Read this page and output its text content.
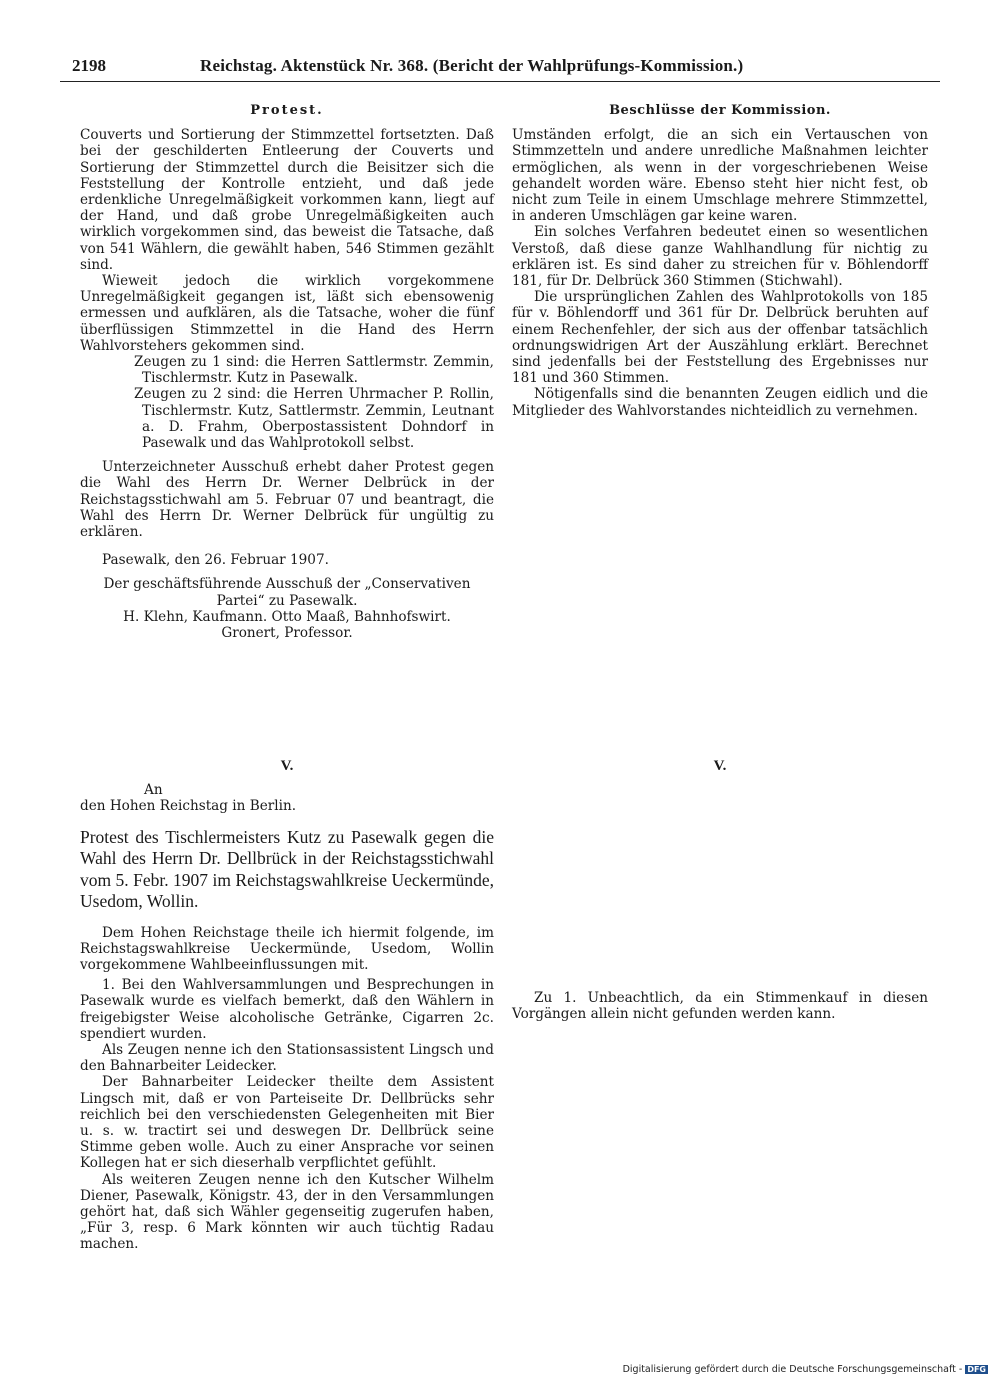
2198	Reichstag. Aktenstück Nr. 368. (Bericht der Wahlprüfungs-Kommission.)

Protest.

Couverts und Sortierung der Stimmzettel fortsetzten. Daß bei der geschilderten Entleerung der Couverts und Sortierung der Stimmzettel durch die Beisitzer sich die Feststellung der Kontrolle entzieht, und daß jede erdenkliche Unregelmäßigkeit vorkommen kann, liegt auf der Hand, und daß grobe Unregelmäßigkeiten auch wirklich vorgekommen sind, das beweist die Tatsache, daß von 541 Wählern, die gewählt haben, 546 Stimmen gezählt sind.

Wieweit jedoch die wirklich vorgekommene Unregelmäßigkeit gegangen ist, läßt sich ebensowenig ermessen und aufklären, als die Tatsache, woher die fünf überflüssigen Stimmzettel in die Hand des Herrn Wahlvorstehers gekommen sind.

Zeugen zu 1 sind: die Herren Sattlermstr. Zemmin, Tischlermstr. Kutz in Pasewalk.

Zeugen zu 2 sind: die Herren Uhrmacher P. Rollin, Tischlermstr. Kutz, Sattlermstr. Zemmin, Leutnant a. D. Frahm, Oberpostassistent Dohndorf in Pasewalk und das Wahlprotokoll selbst.

Unterzeichneter Ausschuß erhebt daher Protest gegen die Wahl des Herrn Dr. Werner Delbrück in der Reichstagsstichwahl am 5. Februar 07 und beantragt, die Wahl des Herrn Dr. Werner Delbrück für ungültig zu erklären.

Pasewalk, den 26. Februar 1907.

Der geschäftsführende Ausschuß der „Conservativen Partei“ zu Pasewalk.

H. Klehn, Kaufmann. Otto Maaß, Bahnhofswirt.

Gronert, Professor.

V.

An

den Hohen Reichstag in Berlin.

Protest des Tischlermeisters Kutz zu Pasewalk gegen die Wahl des Herrn Dr. Dellbrück in der Reichstagsstichwahl vom 5. Febr. 1907 im Reichstagswahlkreise Ueckermünde, Usedom, Wollin.

Dem Hohen Reichstage theile ich hiermit folgende, im Reichstagswahlkreise Ueckermünde, Usedom, Wollin vorgekommene Wahlbeeinflussungen mit.

1. Bei den Wahlversammlungen und Besprechungen in Pasewalk wurde es vielfach bemerkt, daß den Wählern in freigebigster Weise alcoholische Getränke, Cigarren 2c. spendiert wurden.

Als Zeugen nenne ich den Stationsassistent Lingsch und den Bahnarbeiter Leidecker.

Der Bahnarbeiter Leidecker theilte dem Assistent Lingsch mit, daß er von Parteiseite Dr. Dellbrücks sehr reichlich bei den verschiedensten Gelegenheiten mit Bier u. s. w. tractirt sei und deswegen Dr. Dellbrück seine Stimme geben wolle. Auch zu einer Ansprache vor seinen Kollegen hat er sich dieserhalb verpflichtet gefühlt.

Als weiteren Zeugen nenne ich den Kutscher Wilhelm Diener, Pasewalk, Königstr. 43, der in den Versammlungen gehört hat, daß sich Wähler gegenseitig zugerufen haben, „Für 3, resp. 6 Mark könnten wir auch tüchtig Radau machen.

Beschlüsse der Kommission.

Umständen erfolgt, die an sich ein Vertauschen von Stimmzetteln und andere unredliche Maßnahmen leichter ermöglichen, als wenn in der vorgeschriebenen Weise gehandelt worden wäre. Ebenso steht hier nicht fest, ob nicht zum Teile in einem Umschlage mehrere Stimmzettel, in anderen Umschlägen gar keine waren.

Ein solches Verfahren bedeutet einen so wesentlichen Verstoß, daß diese ganze Wahlhandlung für nichtig zu erklären ist. Es sind daher zu streichen für v. Böhlendorff 181, für Dr. Delbrück 360 Stimmen (Stichwahl).

Die ursprünglichen Zahlen des Wahlprotokolls von 185 für v. Böhlendorff und 361 für Dr. Delbrück beruhten auf einem Rechenfehler, der sich aus der offenbar tatsächlich ordnungswidrigen Art der Auszählung erklärt. Berechnet sind jedenfalls bei der Feststellung des Ergebnisses nur 181 und 360 Stimmen.

Nötigenfalls sind die benannten Zeugen eidlich und die Mitglieder des Wahlvorstandes nichteidlich zu vernehmen.

V.

Zu 1. Unbeachtlich, da ein Stimmenkauf in diesen Vorgängen allein nicht gefunden werden kann.

Digitalisierung gefördert durch die Deutsche Forschungsgemeinschaft - DFG
